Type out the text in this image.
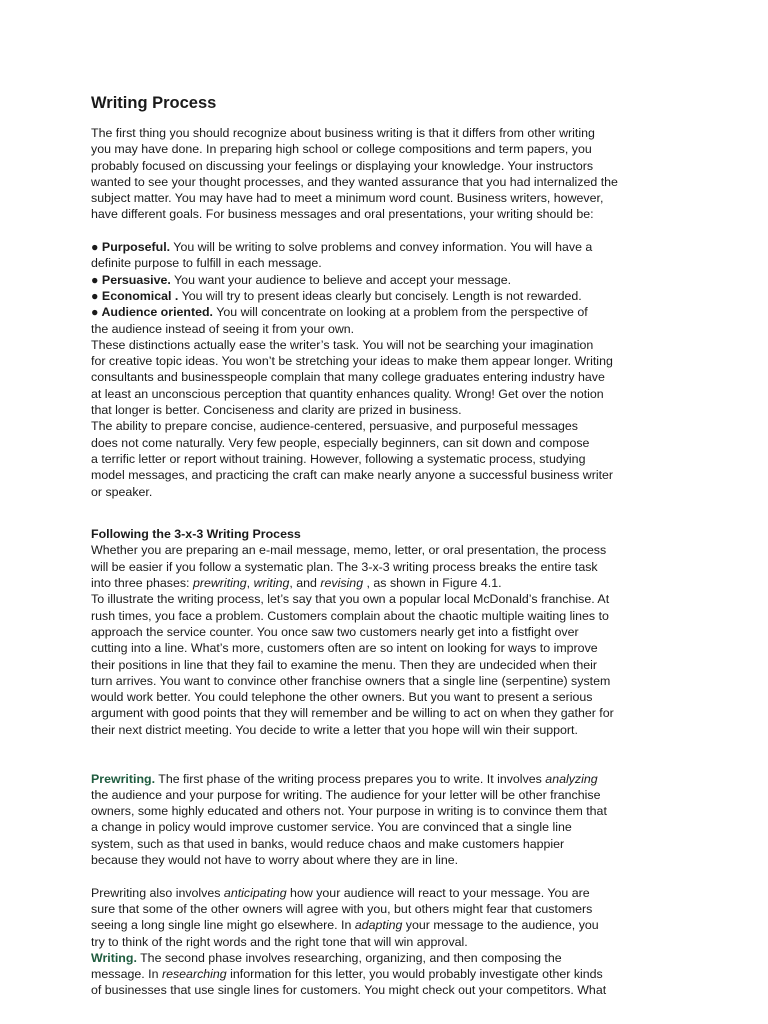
Writing Process
The first thing you should recognize about business writing is that it differs from other writing
you may have done. In preparing high school or college compositions and term papers, you
probably focused on discussing your feelings or displaying your knowledge. Your instructors
wanted to see your thought processes, and they wanted assurance that you had internalized the
subject matter. You may have had to meet a minimum word count. Business writers, however,
have different goals. For business messages and oral presentations, your writing should be:
● Purposeful. You will be writing to solve problems and convey information. You will have a
definite purpose to fulfill in each message.
● Persuasive. You want your audience to believe and accept your message.
● Economical . You will try to present ideas clearly but concisely. Length is not rewarded.
● Audience oriented. You will concentrate on looking at a problem from the perspective of
the audience instead of seeing it from your own.
These distinctions actually ease the writer’s task. You will not be searching your imagination
for creative topic ideas. You won’t be stretching your ideas to make them appear longer. Writing
consultants and businesspeople complain that many college graduates entering industry have
at least an unconscious perception that quantity enhances quality. Wrong! Get over the notion
that longer is better. Conciseness and clarity are prized in business.
The ability to prepare concise, audience-centered, persuasive, and purposeful messages
does not come naturally. Very few people, especially beginners, can sit down and compose
a terrific letter or report without training. However, following a systematic process, studying
model messages, and practicing the craft can make nearly anyone a successful business writer
or speaker.
Following the 3-x-3 Writing Process
Whether you are preparing an e-mail message, memo, letter, or oral presentation, the process
will be easier if you follow a systematic plan. The 3-x-3 writing process breaks the entire task
into three phases: prewriting, writing, and revising , as shown in Figure 4.1.
To illustrate the writing process, let’s say that you own a popular local McDonald’s franchise. At
rush times, you face a problem. Customers complain about the chaotic multiple waiting lines to
approach the service counter. You once saw two customers nearly get into a fistfight over
cutting into a line. What’s more, customers often are so intent on looking for ways to improve
their positions in line that they fail to examine the menu. Then they are undecided when their
turn arrives. You want to convince other franchise owners that a single line (serpentine) system
would work better. You could telephone the other owners. But you want to present a serious
argument with good points that they will remember and be willing to act on when they gather for
their next district meeting. You decide to write a letter that you hope will win their support.
Prewriting. The first phase of the writing process prepares you to write. It involves analyzing
the audience and your purpose for writing. The audience for your letter will be other franchise
owners, some highly educated and others not. Your purpose in writing is to convince them that
a change in policy would improve customer service. You are convinced that a single line
system, such as that used in banks, would reduce chaos and make customers happier
because they would not have to worry about where they are in line.
Prewriting also involves anticipating how your audience will react to your message. You are
sure that some of the other owners will agree with you, but others might fear that customers
seeing a long single line might go elsewhere. In adapting your message to the audience, you
try to think of the right words and the right tone that will win approval.
Writing. The second phase involves researching, organizing, and then composing the
message. In researching information for this letter, you would probably investigate other kinds
of businesses that use single lines for customers. You might check out your competitors. What
